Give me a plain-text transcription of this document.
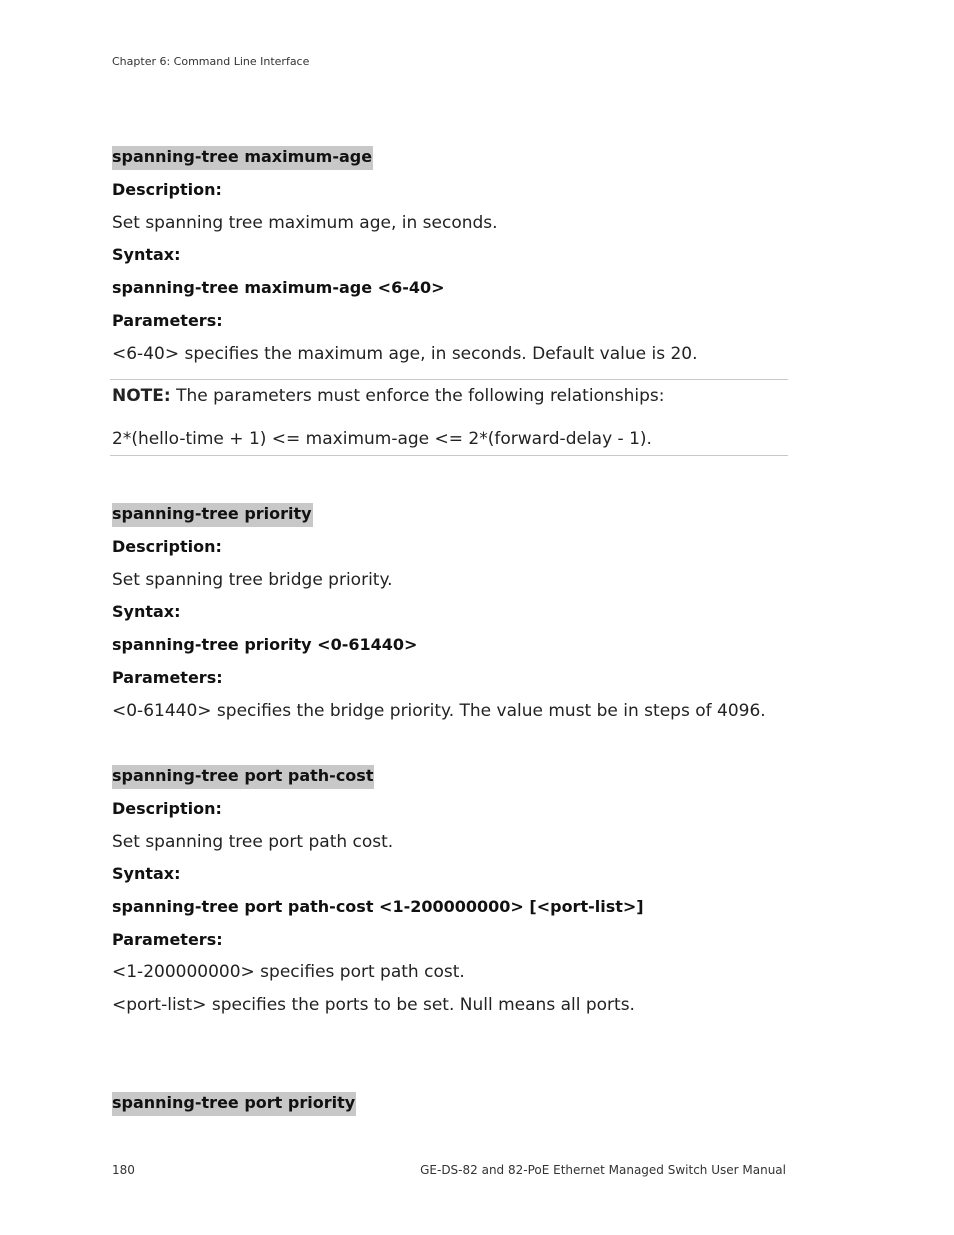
Chapter 6: Command Line Interface
spanning-tree maximum-age
Description:
Set spanning tree maximum age, in seconds.
Syntax:
spanning-tree maximum-age <6-40>
Parameters:
<6-40> specifies the maximum age, in seconds. Default value is 20.
NOTE: The parameters must enforce the following relationships:
2*(hello-time + 1) <= maximum-age <= 2*(forward-delay - 1).
spanning-tree priority
Description:
Set spanning tree bridge priority.
Syntax:
spanning-tree priority <0-61440>
Parameters:
<0-61440> specifies the bridge priority. The value must be in steps of 4096.
spanning-tree port path-cost
Description:
Set spanning tree port path cost.
Syntax:
spanning-tree port path-cost <1-200000000> [<port-list>]
Parameters:
<1-200000000> specifies port path cost.
<port-list> specifies the ports to be set. Null means all ports.
spanning-tree port priority
180	GE-DS-82 and 82-PoE Ethernet Managed Switch User Manual
